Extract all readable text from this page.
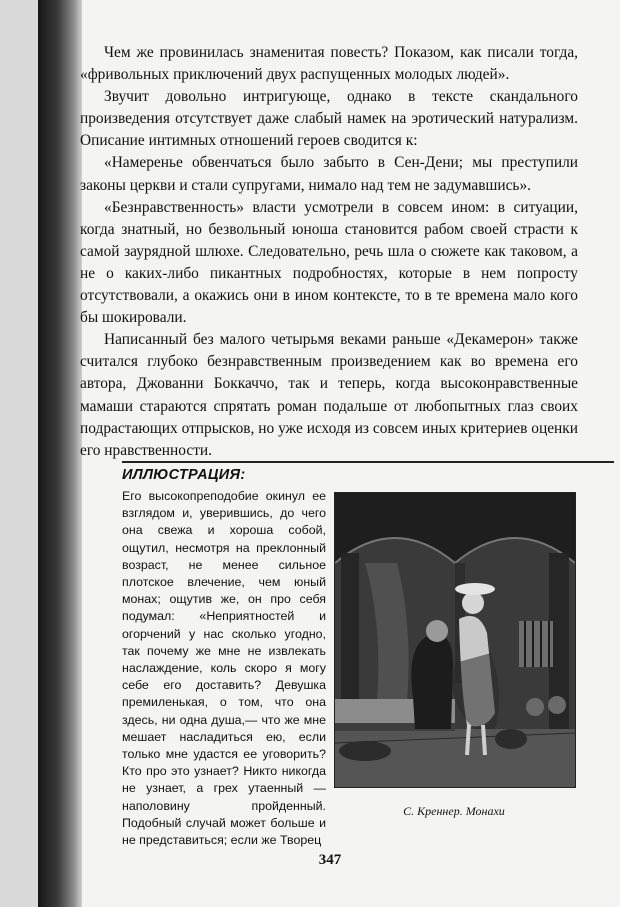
Чем же провинилась знаменитая повесть? Показом, как писали тогда, «фривольных приключений двух распущенных молодых людей».

Звучит довольно интригующе, однако в тексте скандального произведения отсутствует даже слабый намек на эротический натурализм. Описание интимных отношений героев сводится к:

«Намеренье обвенчаться было забыто в Сен-Дени; мы преступили законы церкви и стали супругами, нимало над тем не задумавшись».

«Безнравственность» власти усмотрели в совсем ином: в ситуации, когда знатный, но безвольный юноша становится рабом своей страсти к самой заурядной шлюхе. Следовательно, речь шла о сюжете как таковом, а не о каких-либо пикантных подробностях, которые в нем попросту отсутствовали, а окажись они в ином контексте, то в те времена мало кого бы шокировали.

Написанный без малого четырьмя веками раньше «Декамерон» также считался глубоко безнравственным произведением как во времена его автора, Джованни Боккаччо, так и теперь, когда высоконравственные мамаши стараются спрятать роман подальше от любопытных глаз своих подрастающих отпрысков, но уже исходя из совсем иных критериев оценки его нравственности.

ИЛЛЮСТРАЦИЯ:
Его высокопреподобие окинул ее взглядом и, уверившись, до чего она свежа и хороша собой, ощутил, несмотря на преклонный возраст, не менее сильное плотское влечение, чем юный монах; ощутив же, он про себя подумал: «Неприятностей и огорчений у нас сколько угодно, так почему же мне не извлекать наслаждение, коль скоро я могу себе его доставить? Девушка премиленькая, о том, что она здесь, ни одна душа,— что же мне мешает насладиться ею, если только мне удастся ее уговорить? Кто про это узнает? Никто никогда не узнает, а грех утаенный — наполовину пройденный. Подобный случай может больше и не представиться; если же Творец
С. Креннер. Монахи
347
